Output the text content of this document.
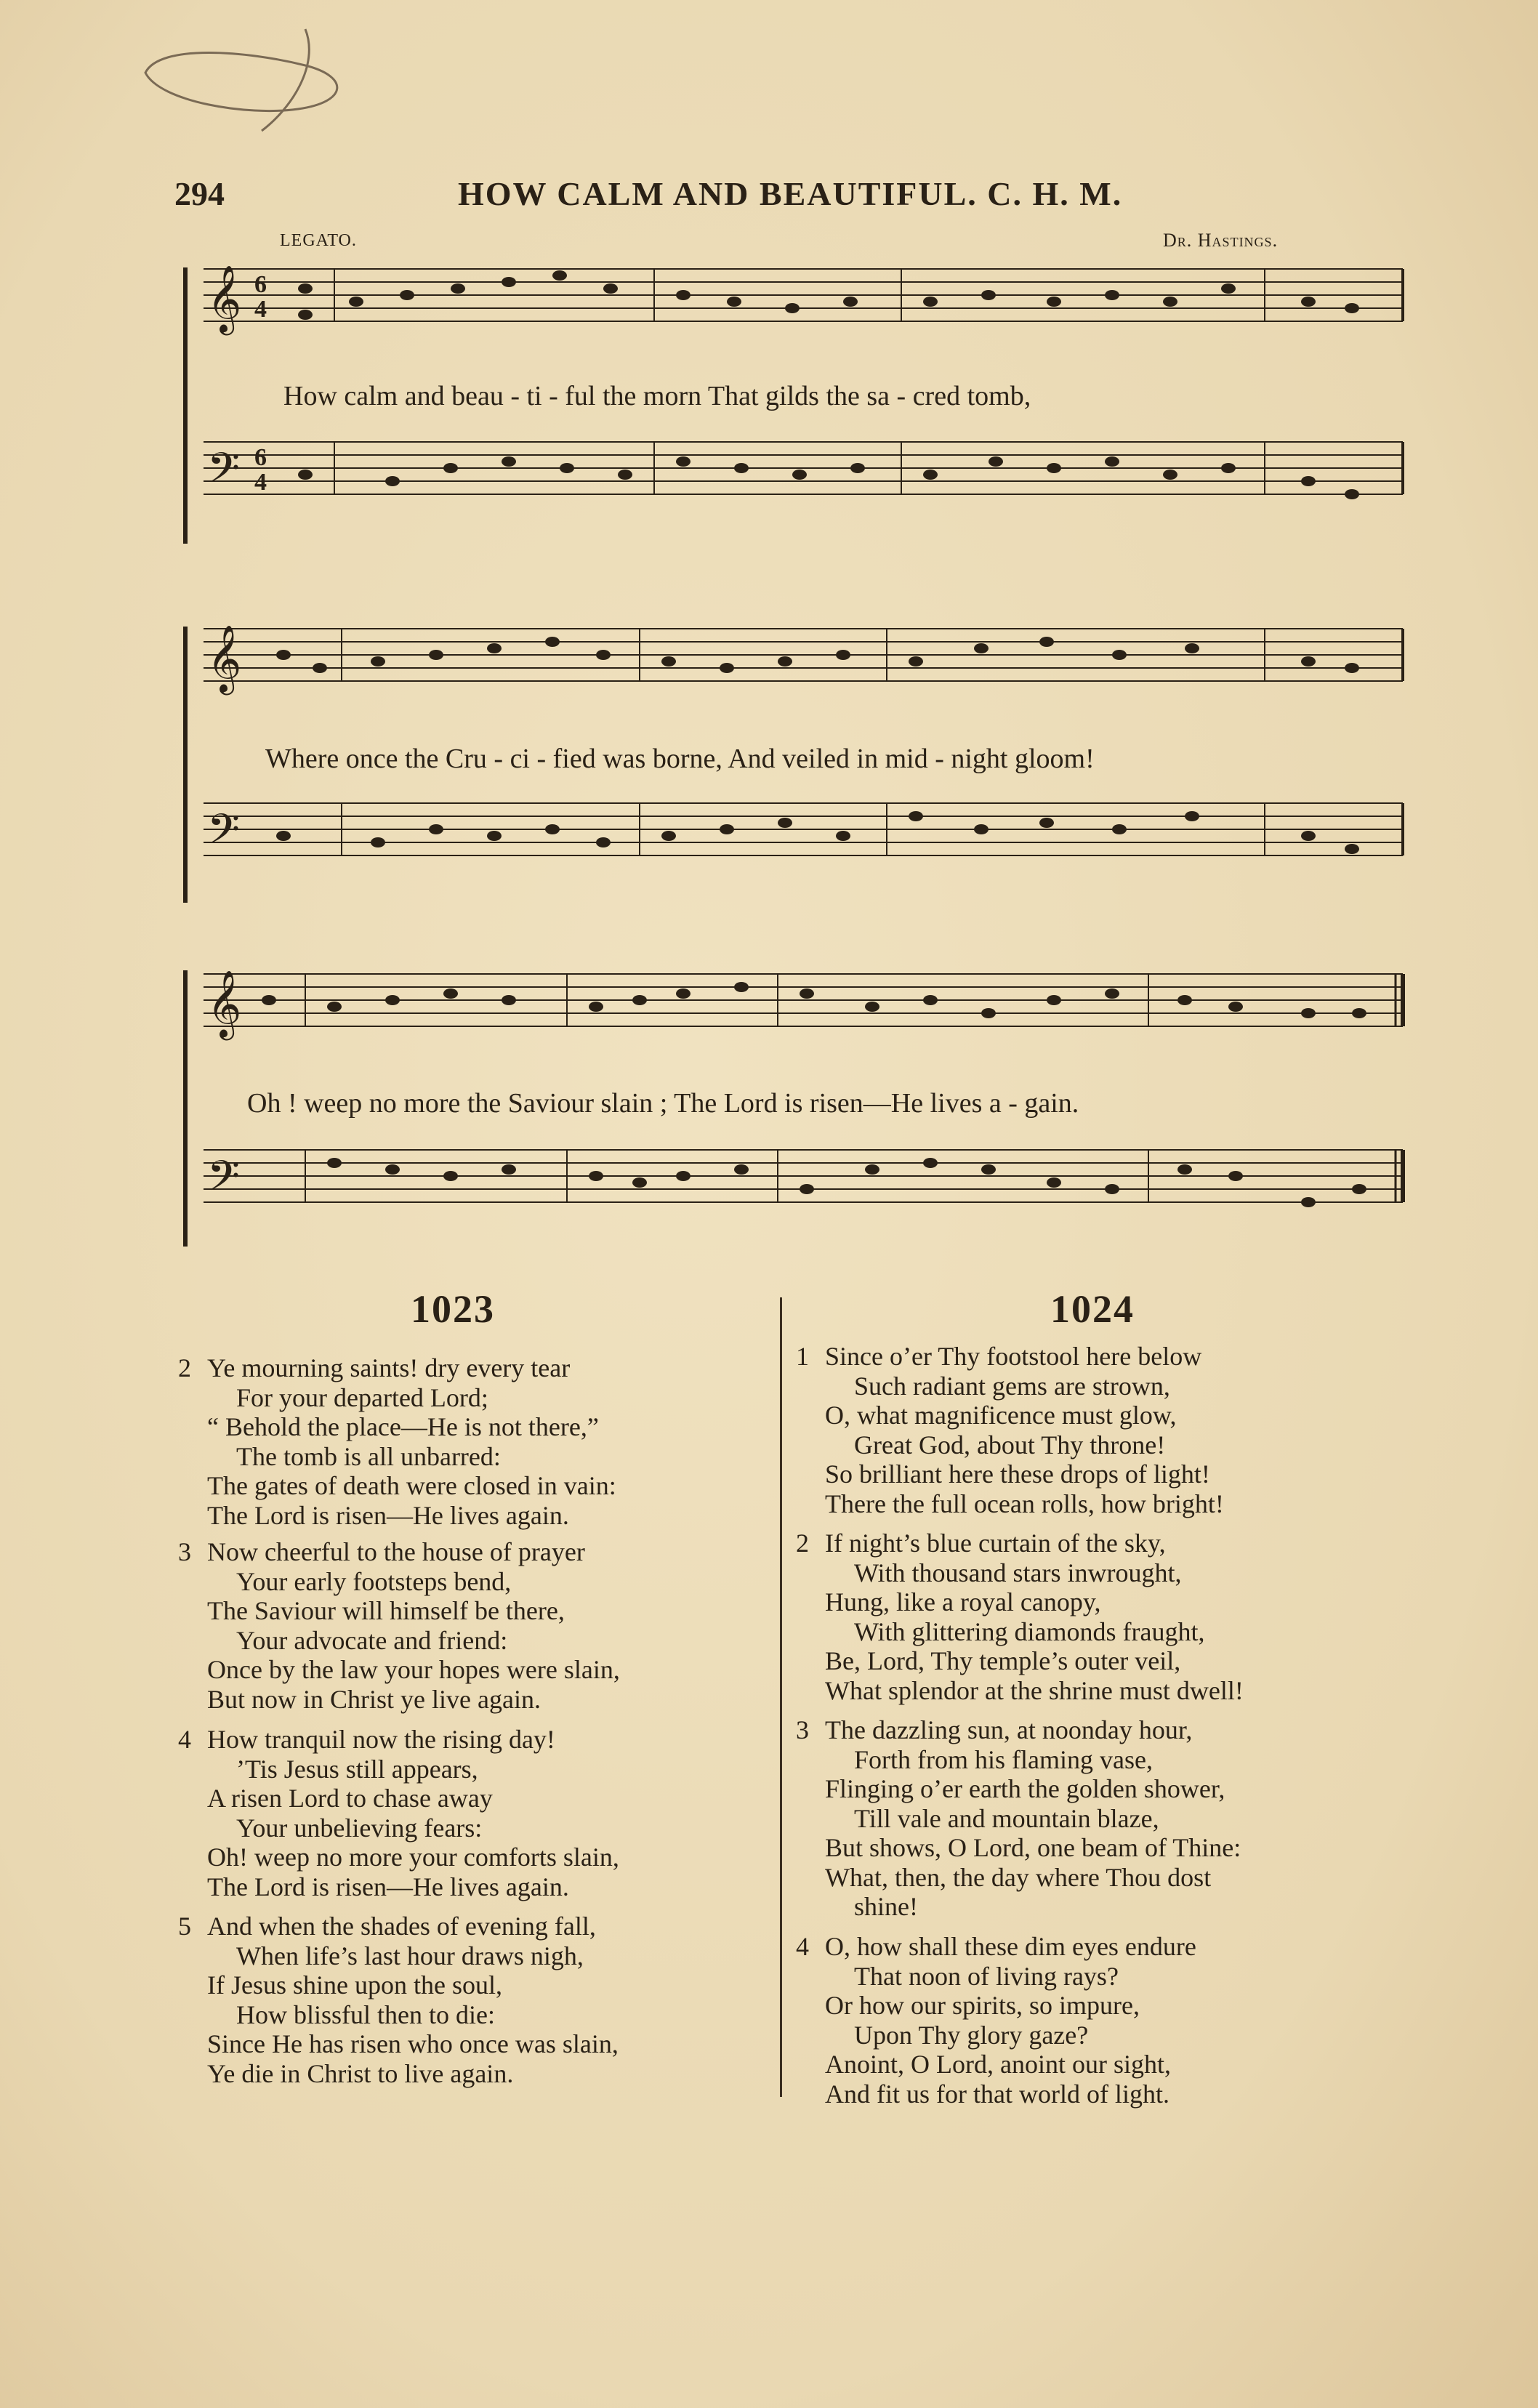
294	HOW CALM AND BEAUTIFUL. C. H. M.
LEGATO.	Dr. Hastings.
𝄞
𝄢
6
4
6
4
𝄞
𝄢
𝄞
𝄢
How calm and beau - ti - ful the morn That gilds the sa - cred tomb,
Where once the Cru - ci - fied was borne, And veiled in mid - night gloom!
Oh ! weep no more the Saviour slain ; The Lord is risen—He lives a - gain.
1023	1024
2 Ye mourning saints! dry every tear
For your departed Lord;
“ Behold the place—He is not there,”
The tomb is all unbarred:
The gates of death were closed in vain:
The Lord is risen—He lives again.
3 Now cheerful to the house of prayer
Your early footsteps bend,
The Saviour will himself be there,
Your advocate and friend:
Once by the law your hopes were slain,
But now in Christ ye live again.
4 How tranquil now the rising day!
’Tis Jesus still appears,
A risen Lord to chase away
Your unbelieving fears:
Oh! weep no more your comforts slain,
The Lord is risen—He lives again.
5 And when the shades of evening fall,
When life’s last hour draws nigh,
If Jesus shine upon the soul,
How blissful then to die:
Since He has risen who once was slain,
Ye die in Christ to live again.
1 Since o’er Thy footstool here below
Such radiant gems are strown,
O, what magnificence must glow,
Great God, about Thy throne!
So brilliant here these drops of light!
There the full ocean rolls, how bright!
2 If night’s blue curtain of the sky,
With thousand stars inwrought,
Hung, like a royal canopy,
With glittering diamonds fraught,
Be, Lord, Thy temple’s outer veil,
What splendor at the shrine must dwell!
3 The dazzling sun, at noonday hour,
Forth from his flaming vase,
Flinging o’er earth the golden shower,
Till vale and mountain blaze,
But shows, O Lord, one beam of Thine:
What, then, the day where Thou dost
shine!
4 O, how shall these dim eyes endure
That noon of living rays?
Or how our spirits, so impure,
Upon Thy glory gaze?
Anoint, O Lord, anoint our sight,
And fit us for that world of light.
